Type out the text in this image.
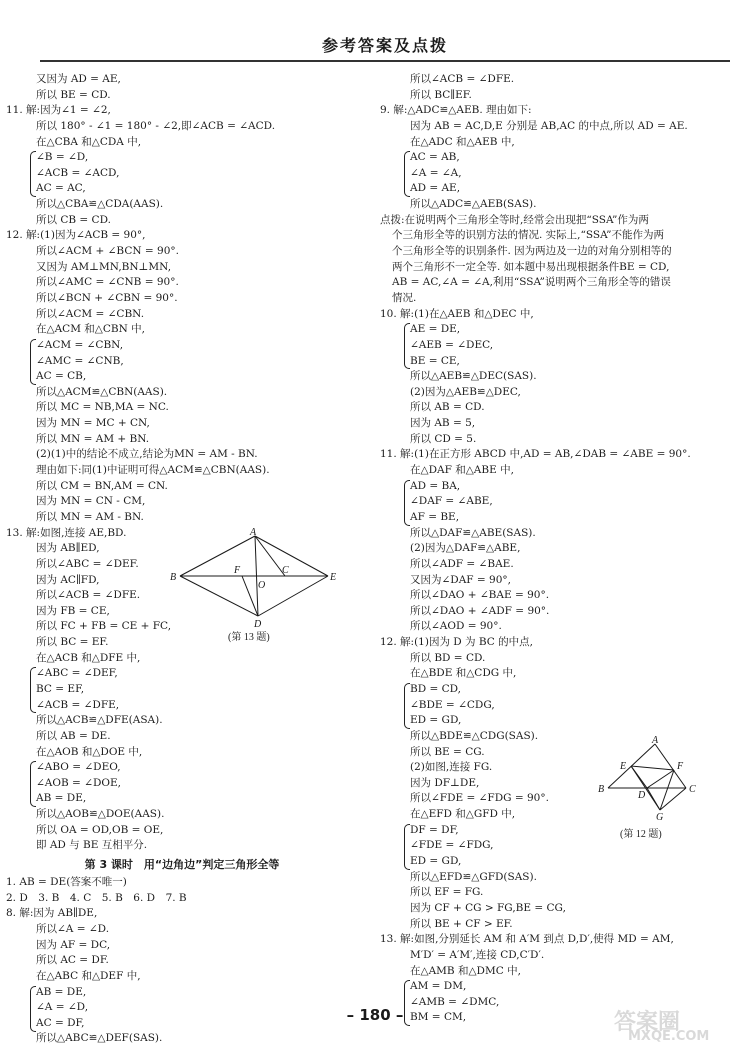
参考答案及点拨
又因为 AD = AE,
所以 BE = CD.
11. 解:因为∠1 = ∠2,
所以 180° - ∠1 = 180° - ∠2,即∠ACB = ∠ACD.
在△CBA 和△CDA 中,
∠B = ∠D,
∠ACB = ∠ACD,
AC = AC,
所以△CBA≌△CDA(AAS).
所以 CB = CD.
12. 解:(1)因为∠ACB = 90°,
所以∠ACM + ∠BCN = 90°.
又因为 AM⊥MN,BN⊥MN,
所以∠AMC = ∠CNB = 90°.
所以∠BCN + ∠CBN = 90°.
所以∠ACM = ∠CBN.
在△ACM 和△CBN 中,
∠ACM = ∠CBN,
∠AMC = ∠CNB,
AC = CB,
所以△ACM≌△CBN(AAS).
所以 MC = NB,MA = NC.
因为 MN = MC + CN,
所以 MN = AM + BN.
(2)(1)中的结论不成立,结论为MN = AM - BN.
理由如下:同(1)中证明可得△ACM≌△CBN(AAS).
所以 CM = BN,AM = CN.
因为 MN = CN - CM,
所以 MN = AM - BN.
13. 解:如图,连接 AE,BD.
因为 AB∥ED,
所以∠ABC = ∠DEF.
因为 AC∥FD,
所以∠ACB = ∠DFE.
因为 FB = CE,
所以 FC + FB = CE + FC,
所以 BC = EF.
在△ACB 和△DFE 中,
∠ABC = ∠DEF,
BC = EF,
∠ACB = ∠DFE,
所以△ACB≌△DFE(ASA).
所以 AB = DE.
在△AOB 和△DOE 中,
∠ABO = ∠DEO,
∠AOB = ∠DOE,
AB = DE,
所以△AOB≌△DOE(AAS).
所以 OA = OD,OB = OE,
即 AD 与 BE 互相平分.
第 3 课时　用“边角边”判定三角形全等
1. AB = DE(答案不唯一)
2. D　3. B　4. C　5. B　6. D　7. B
8. 解:因为 AB∥DE,
所以∠A = ∠D.
因为 AF = DC,
所以 AC = DF.
在△ABC 和△DEF 中,
AB = DE,
∠A = ∠D,
AC = DF,
所以△ABC≌△DEF(SAS).
A
B
F	C
O
E
D
(第 13 题)
所以∠ACB = ∠DFE.
所以 BC∥EF.
9. 解:△ADC≌△AEB. 理由如下:
因为 AB = AC,D,E 分别是 AB,AC 的中点,所以 AD = AE.
在△ADC 和△AEB 中,
AC = AB,
∠A = ∠A,
AD = AE,
所以△ADC≌△AEB(SAS).
点拨:在说明两个三角形全等时,经常会出现把“SSA”作为两
个三角形全等的识别方法的情况. 实际上,“SSA”不能作为两
个三角形全等的识别条件. 因为两边及一边的对角分别相等的
两个三角形不一定全等. 如本题中易出现根据条件BE = CD,
AB = AC,∠A = ∠A,利用“SSA”说明两个三角形全等的错误
情况.
10. 解:(1)在△AEB 和△DEC 中,
AE = DE,
∠AEB = ∠DEC,
BE = CE,
所以△AEB≌△DEC(SAS).
(2)因为△AEB≌△DEC,
所以 AB = CD.
因为 AB = 5,
所以 CD = 5.
11. 解:(1)在正方形 ABCD 中,AD = AB,∠DAB = ∠ABE = 90°.
在△DAF 和△ABE 中,
AD = BA,
∠DAF = ∠ABE,
AF = BE,
所以△DAF≌△ABE(SAS).
(2)因为△DAF≌△ABE,
所以∠ADF = ∠BAE.
又因为∠DAF = 90°,
所以∠DAO + ∠BAE = 90°.
所以∠DAO + ∠ADF = 90°.
所以∠AOD = 90°.
12. 解:(1)因为 D 为 BC 的中点,
所以 BD = CD.
在△BDE 和△CDG 中,
BD = CD,
∠BDE = ∠CDG,
ED = GD,
所以△BDE≌△CDG(SAS).
所以 BE = CG.
(2)如图,连接 FG.
因为 DF⊥DE,
所以∠FDE = ∠FDG = 90°.
在△EFD 和△GFD 中,
DF = DF,
∠FDE = ∠FDG,
ED = GD,
所以△EFD≌△GFD(SAS).
所以 EF = FG.
因为 CF + CG > FG,BE = CG,
所以 BE + CF > EF.
13. 解:如图,分别延长 AM 和 A′M 到点 D,D′,使得 MD = AM,
M′D′ = A′M′,连接 CD,C′D′.
在△AMB 和△DMC 中,
AM = DM,
∠AMB = ∠DMC,
BM = CM,
A
E	F
B
D
C
G
(第 12 题)
– 180 –	答案圈
MXQE.COM
